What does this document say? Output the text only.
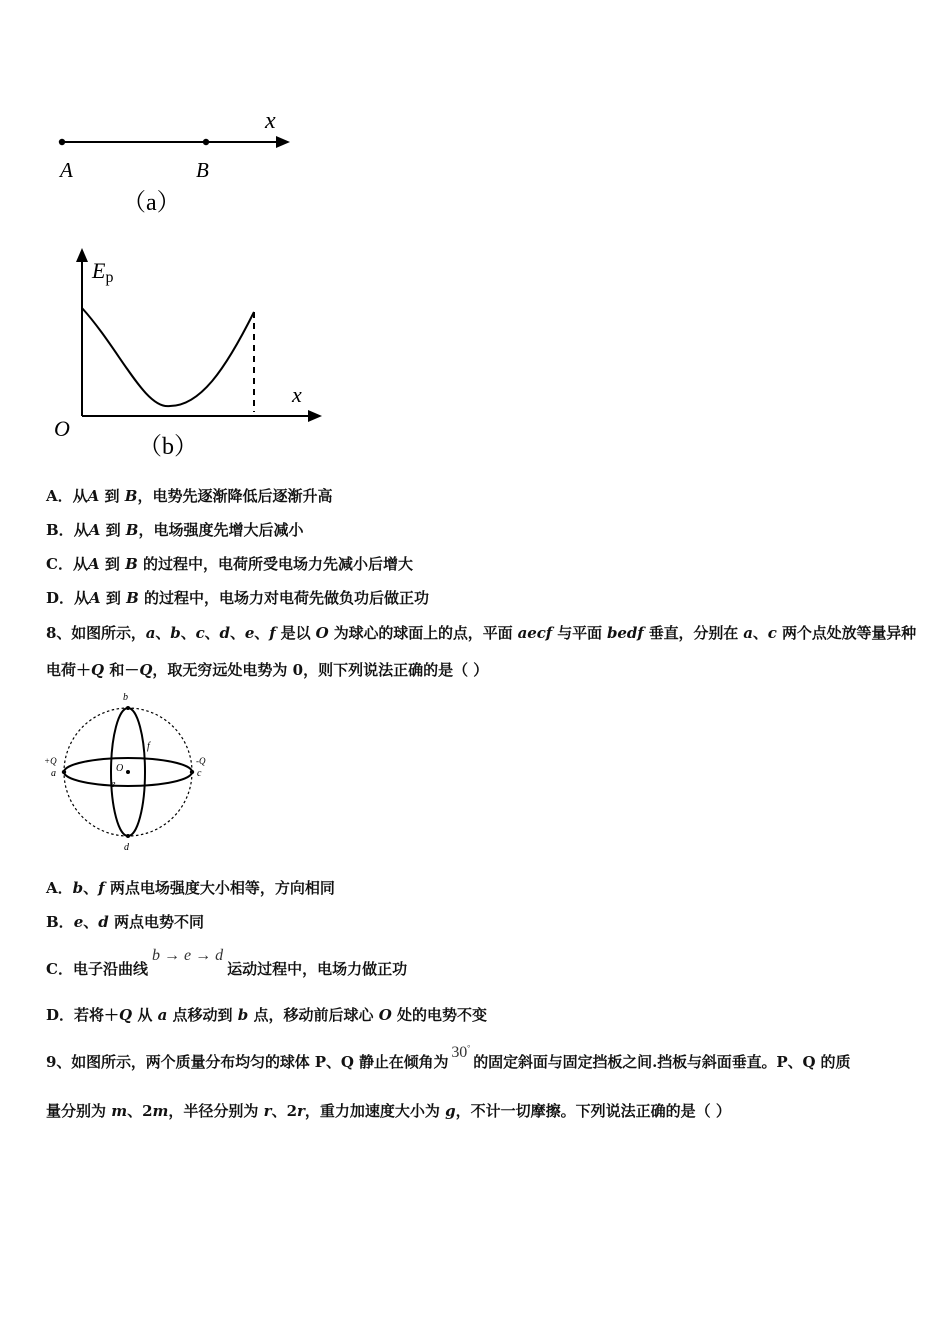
x
A	B
（a）
Ep
x
O
（b）
A．从A 到 B，电势先逐渐降低后逐渐升高
B．从A 到 B，电场强度先增大后减小
C．从A 到 B 的过程中，电荷所受电场力先减小后增大
D．从A 到 B 的过程中，电场力对电荷先做负功后做正功
8、如图所示，a、b、c、d、e、f 是以 O 为球心的球面上的点，平面 aecf 与平面 bedf 垂直，分别在 a、c 两个点处放等量异种
电荷＋Q 和－Q，取无穷远处电势为 0，则下列说法正确的是（ ）
b
f
+Q
a	O
-Q
c
e
d
A．b、f 两点电场强度大小相等，方向相同
B．e、d 两点电势不同
C．电子沿曲线b → e → d运动过程中，电场力做正功
D．若将＋Q 从 a 点移动到 b 点，移动前后球心 O 处的电势不变
9、如图所示，两个质量分布均匀的球体 P、Q 静止在倾角为30°的固定斜面与固定挡板之间.挡板与斜面垂直。P、Q 的质
量分别为 m、2m，半径分别为 r、2r，重力加速度大小为 g，不计一切摩擦。下列说法正确的是（ ）
